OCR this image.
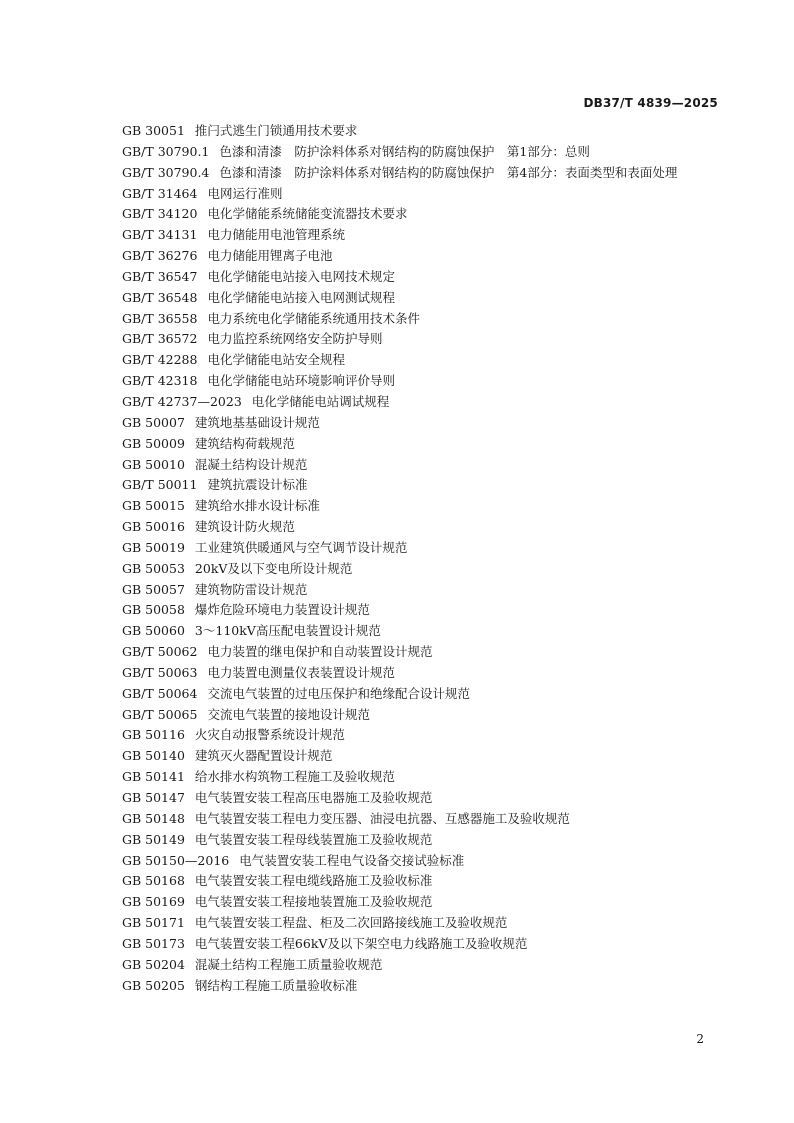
DB37/T 4839—2025
GB 30051 推闩式逃生门锁通用技术要求
GB/T 30790.1 色漆和清漆　防护涂料体系对钢结构的防腐蚀保护　第1部分：总则
GB/T 30790.4 色漆和清漆　防护涂料体系对钢结构的防腐蚀保护　第4部分：表面类型和表面处理
GB/T 31464 电网运行准则
GB/T 34120 电化学储能系统储能变流器技术要求
GB/T 34131 电力储能用电池管理系统
GB/T 36276 电力储能用锂离子电池
GB/T 36547 电化学储能电站接入电网技术规定
GB/T 36548 电化学储能电站接入电网测试规程
GB/T 36558 电力系统电化学储能系统通用技术条件
GB/T 36572 电力监控系统网络安全防护导则
GB/T 42288 电化学储能电站安全规程
GB/T 42318 电化学储能电站环境影响评价导则
GB/T 42737—2023 电化学储能电站调试规程
GB 50007 建筑地基基础设计规范
GB 50009 建筑结构荷载规范
GB 50010 混凝土结构设计规范
GB/T 50011 建筑抗震设计标准
GB 50015 建筑给水排水设计标准
GB 50016 建筑设计防火规范
GB 50019 工业建筑供暖通风与空气调节设计规范
GB 50053 20kV及以下变电所设计规范
GB 50057 建筑物防雷设计规范
GB 50058 爆炸危险环境电力装置设计规范
GB 50060 3～110kV高压配电装置设计规范
GB/T 50062 电力装置的继电保护和自动装置设计规范
GB/T 50063 电力装置电测量仪表装置设计规范
GB/T 50064 交流电气装置的过电压保护和绝缘配合设计规范
GB/T 50065 交流电气装置的接地设计规范
GB 50116 火灾自动报警系统设计规范
GB 50140 建筑灭火器配置设计规范
GB 50141 给水排水构筑物工程施工及验收规范
GB 50147 电气装置安装工程高压电器施工及验收规范
GB 50148 电气装置安装工程电力变压器、油浸电抗器、互感器施工及验收规范
GB 50149 电气装置安装工程母线装置施工及验收规范
GB 50150—2016 电气装置安装工程电气设备交接试验标准
GB 50168 电气装置安装工程电缆线路施工及验收标准
GB 50169 电气装置安装工程接地装置施工及验收规范
GB 50171 电气装置安装工程盘、柜及二次回路接线施工及验收规范
GB 50173 电气装置安装工程66kV及以下架空电力线路施工及验收规范
GB 50204 混凝土结构工程施工质量验收规范
GB 50205 钢结构工程施工质量验收标准
2
